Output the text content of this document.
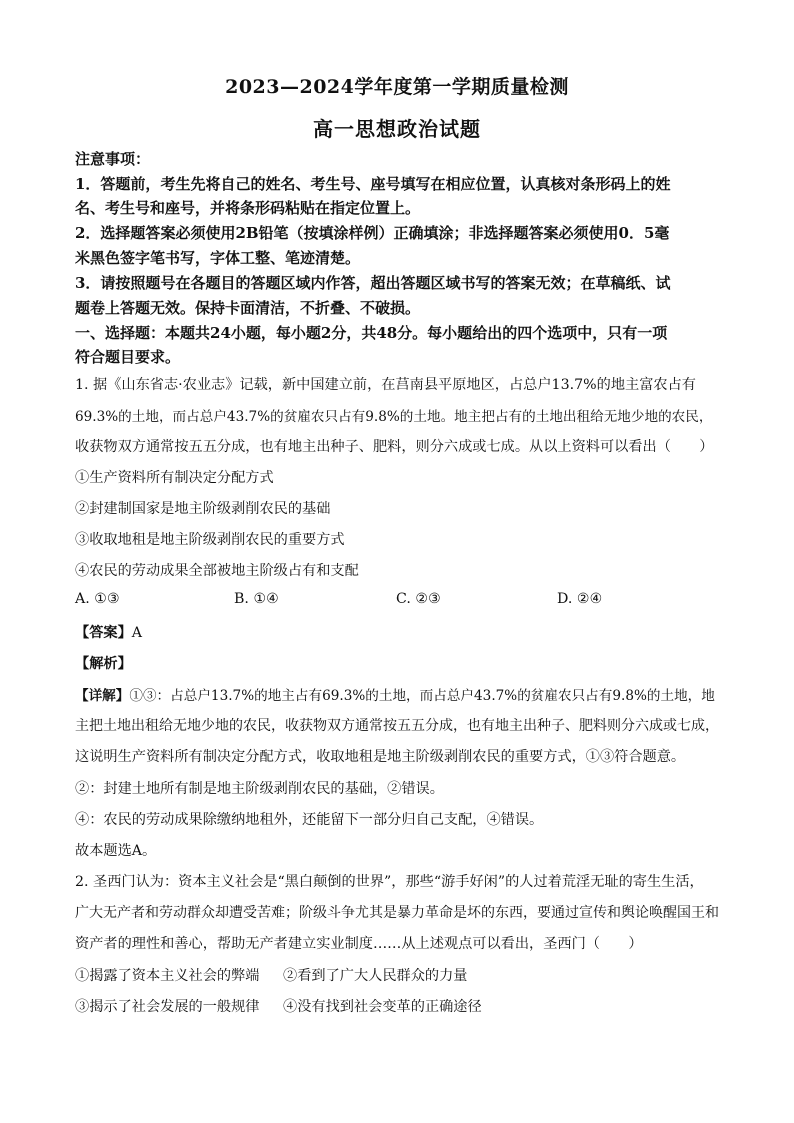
2023—2024学年度第一学期质量检测
高一思想政治试题
注意事项：
1．答题前，考生先将自己的姓名、考生号、座号填写在相应位置，认真核对条形码上的姓
名、考生号和座号，并将条形码粘贴在指定位置上。
2．选择题答案必须使用2B铅笔（按填涂样例）正确填涂；非选择题答案必须使用0．5毫
米黑色签字笔书写，字体工整、笔迹清楚。
3．请按照题号在各题目的答题区域内作答，超出答题区域书写的答案无效；在草稿纸、试
题卷上答题无效。保持卡面清洁，不折叠、不破损。
一、选择题：本题共24小题，每小题2分，共48分。每小题给出的四个选项中，只有一项
符合题目要求。
1. 据《山东省志·农业志》记载，新中国建立前，在莒南县平原地区，占总户13.7%的地主富农占有
69.3%的土地，而占总户43.7%的贫雇农只占有9.8%的土地。地主把占有的土地出租给无地少地的农民，
收获物双方通常按五五分成，也有地主出种子、肥料，则分六成或七成。从以上资料可以看出（　　）
①生产资料所有制决定分配方式
②封建制国家是地主阶级剥削农民的基础
③收取地租是地主阶级剥削农民的重要方式
④农民的劳动成果全部被地主阶级占有和支配
A. ①③	B. ①④	C. ②③	D. ②④
【答案】A
【解析】
【详解】①③：占总户13.7%的地主占有69.3%的土地，而占总户43.7%的贫雇农只占有9.8%的土地，地
主把土地出租给无地少地的农民，收获物双方通常按五五分成，也有地主出种子、肥料则分六成或七成，
这说明生产资料所有制决定分配方式，收取地租是地主阶级剥削农民的重要方式，①③符合题意。
②：封建土地所有制是地主阶级剥削农民的基础，②错误。
④：农民的劳动成果除缴纳地租外，还能留下一部分归自己支配，④错误。
故本题选A。
2. 圣西门认为：资本主义社会是“黑白颠倒的世界”，那些“游手好闲”的人过着荒淫无耻的寄生生活，
广大无产者和劳动群众却遭受苦难；阶级斗争尤其是暴力革命是坏的东西，要通过宣传和舆论唤醒国王和
资产者的理性和善心，帮助无产者建立实业制度……从上述观点可以看出，圣西门（　　）
①揭露了资本主义社会的弊端 ②看到了广大人民群众的力量
③揭示了社会发展的一般规律 ④没有找到社会变革的正确途径
